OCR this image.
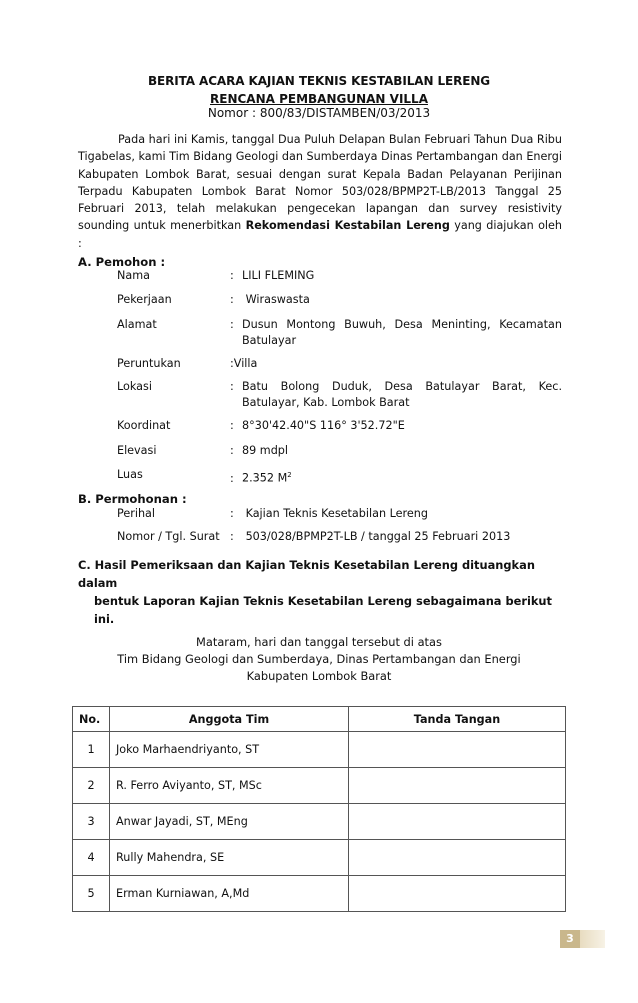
BERITA ACARA KAJIAN TEKNIS KESTABILAN LERENG
RENCANA PEMBANGUNAN VILLA
Nomor : 800/83/DISTAMBEN/03/2013
Pada hari ini Kamis, tanggal Dua Puluh Delapan Bulan Februari Tahun Dua Ribu Tigabelas, kami Tim Bidang Geologi dan Sumberdaya Dinas Pertambangan dan Energi Kabupaten Lombok Barat, sesuai dengan surat Kepala Badan Pelayanan Perijinan Terpadu Kabupaten Lombok Barat Nomor 503/028/BPMP2T-LB/2013 Tanggal 25 Februari 2013, telah melakukan pengecekan lapangan dan survey resistivity sounding untuk menerbitkan Rekomendasi Kestabilan Lereng yang diajukan oleh :
A. Pemohon :
Nama	: LILI FLEMING
Pekerjaan	: Wiraswasta
Alamat	: Dusun Montong Buwuh, Desa Meninting, Kecamatan
Batulayar
Peruntukan	:Villa
Lokasi	: Batu Bolong Duduk, Desa Batulayar Barat, Kec.
Batulayar, Kab. Lombok Barat
Koordinat	: 8°30'42.40"S 116° 3'52.72"E
Elevasi	: 89 mdpl
Luas	: 2.352 $M^2$
B. Permohonan :
Perihal	: Kajian Teknis Kesetabilan Lereng
Nomor / Tgl. Surat : 503/028/BPMP2T-LB / tanggal 25 Februari 2013
C. Hasil Pemeriksaan dan Kajian Teknis Kesetabilan Lereng dituangkan dalam
bentuk Laporan Kajian Teknis Kesetabilan Lereng sebagaimana berikut ini.
Mataram, hari dan tanggal tersebut di atas
Tim Bidang Geologi dan Sumberdaya, Dinas Pertambangan dan Energi
Kabupaten Lombok Barat
No.	Anggota Tim	Tanda Tangan
1	Joko Marhaendriyanto, ST	
2	R. Ferro Aviyanto, ST, MSc	
3	Anwar Jayadi, ST, MEng	
4	Rully Mahendra, SE	
5	Erman Kurniawan, A,Md	
3
